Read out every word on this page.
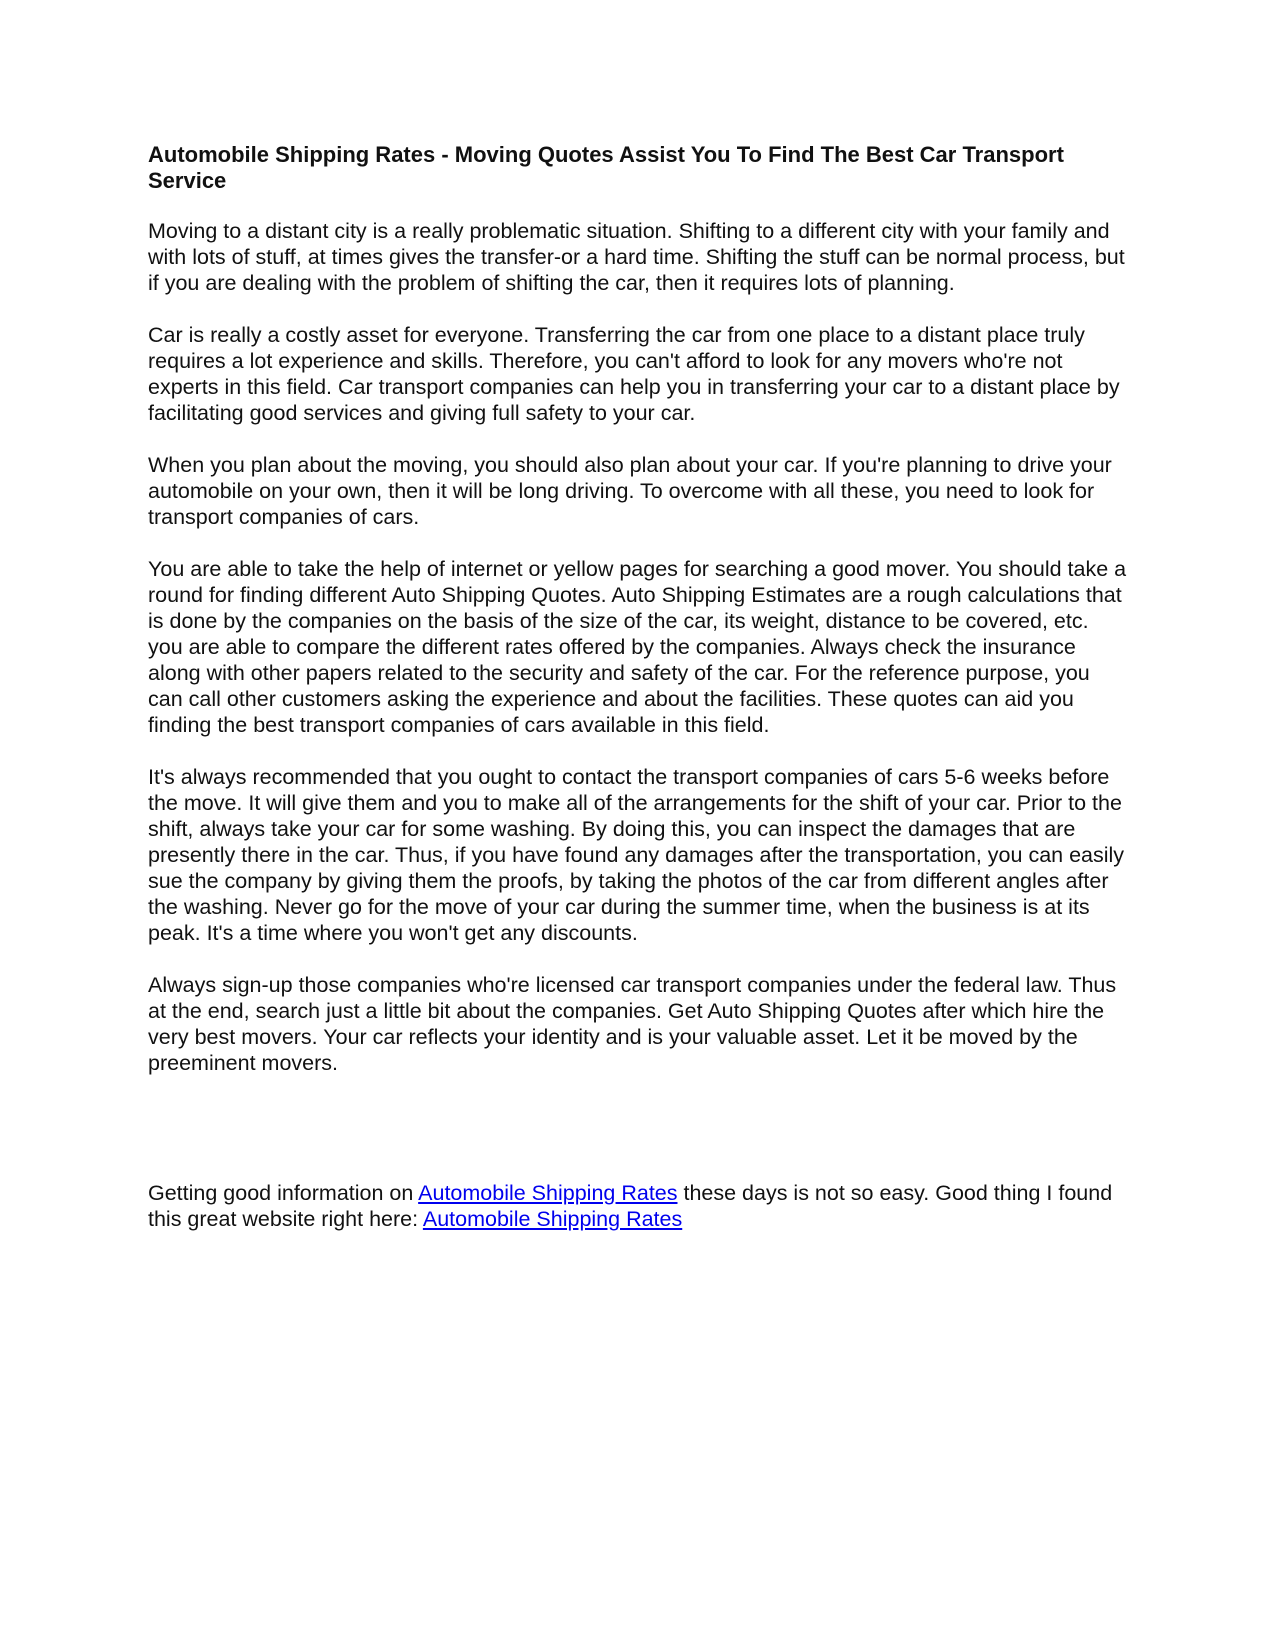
Automobile Shipping Rates - Moving Quotes Assist You To Find The Best Car Transport Service

Moving to a distant city is a really problematic situation. Shifting to a different city with your family and with lots of stuff, at times gives the transfer-or a hard time. Shifting the stuff can be normal process, but if you are dealing with the problem of shifting the car, then it requires lots of planning.

Car is really a costly asset for everyone. Transferring the car from one place to a distant place truly requires a lot experience and skills. Therefore, you can't afford to look for any movers who're not experts in this field. Car transport companies can help you in transferring your car to a distant place by facilitating good services and giving full safety to your car.

When you plan about the moving, you should also plan about your car. If you're planning to drive your automobile on your own, then it will be long driving. To overcome with all these, you need to look for transport companies of cars.

You are able to take the help of internet or yellow pages for searching a good mover. You should take a round for finding different Auto Shipping Quotes. Auto Shipping Estimates are a rough calculations that is done by the companies on the basis of the size of the car, its weight, distance to be covered, etc. you are able to compare the different rates offered by the companies. Always check the insurance along with other papers related to the security and safety of the car. For the reference purpose, you can call other customers asking the experience and about the facilities. These quotes can aid you finding the best transport companies of cars available in this field.

It's always recommended that you ought to contact the transport companies of cars 5-6 weeks before the move. It will give them and you to make all of the arrangements for the shift of your car. Prior to the shift, always take your car for some washing. By doing this, you can inspect the damages that are presently there in the car. Thus, if you have found any damages after the transportation, you can easily sue the company by giving them the proofs, by taking the photos of the car from different angles after the washing. Never go for the move of your car during the summer time, when the business is at its peak. It's a time where you won't get any discounts.

Always sign-up those companies who're licensed car transport companies under the federal law. Thus at the end, search just a little bit about the companies. Get Auto Shipping Quotes after which hire the very best movers. Your car reflects your identity and is your valuable asset. Let it be moved by the preeminent movers.

Getting good information on Automobile Shipping Rates these days is not so easy. Good thing I found this great website right here: Automobile Shipping Rates
